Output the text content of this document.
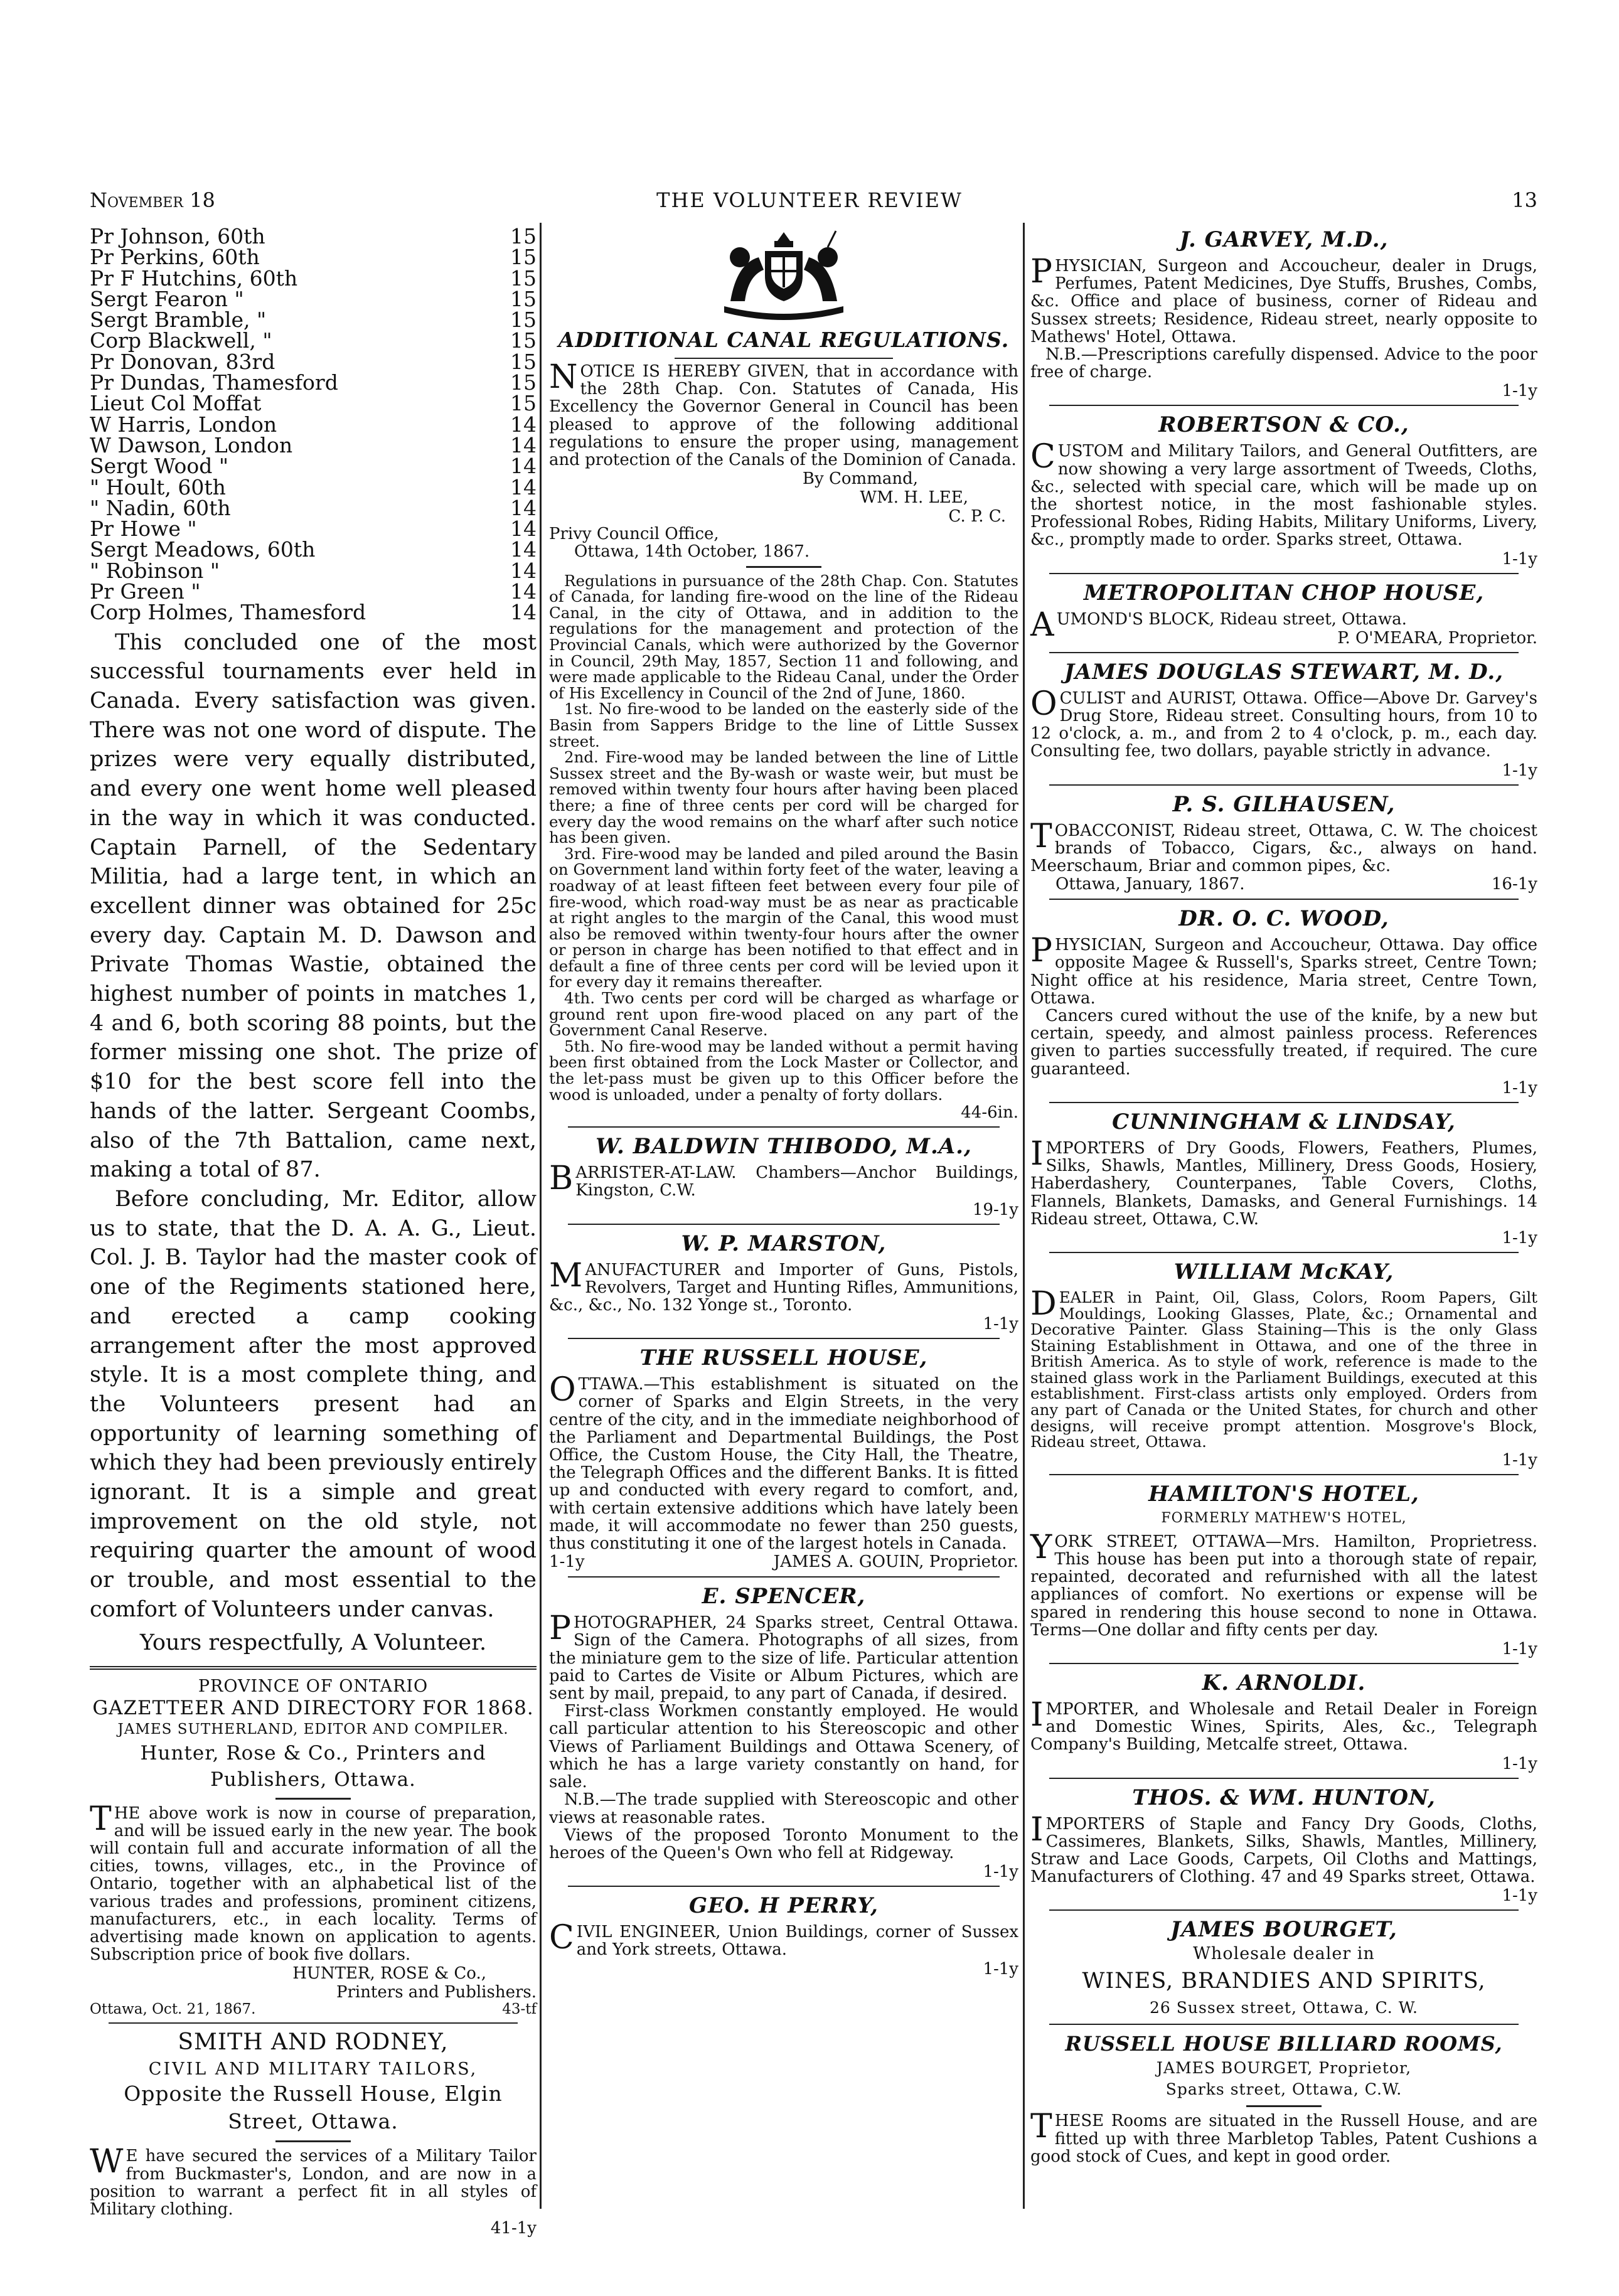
November 18	THE VOLUNTEER REVIEW	13
Pr Johnson, 60th	15
Pr Perkins, 60th	15
Pr F Hutchins, 60th	15
Sergt Fearon "	15
Sergt Bramble, "	15
Corp Blackwell, "	15
Pr Donovan, 83rd	15
Pr Dundas, Thamesford	15
Lieut Col Moffat	15
W Harris, London	14
W Dawson, London	14
Sergt Wood "	14
" Hoult, 60th	14
" Nadin, 60th	14
Pr Howe "	14
Sergt Meadows, 60th	14
" Robinson "	14
Pr Green "	14
Corp Holmes, Thamesford	14

This concluded one of the most successful tournaments ever held in Canada. Every satisfaction was given. There was not one word of dispute. The prizes were very equally distributed, and every one went home well pleased in the way in which it was conducted. Captain Parnell, of the Sedentary Militia, had a large tent, in which an excellent dinner was obtained for 25c every day. Captain M. D. Dawson and Private Thomas Wastie, obtained the highest number of points in matches 1, 4 and 6, both scoring 88 points, but the former missing one shot. The prize of $10 for the best score fell into the hands of the latter. Sergeant Coombs, also of the 7th Battalion, came next, making a total of 87.

Before concluding, Mr. Editor, allow us to state, that the D. A. A. G., Lieut. Col. J. B. Taylor had the master cook of one of the Regiments stationed here, and erected a camp cooking arrangement after the most approved style. It is a most complete thing, and the Volunteers present had an opportunity of learning something of which they had been previously entirely ignorant. It is a simple and great improvement on the old style, not requiring quarter the amount of wood or trouble, and most essential to the comfort of Volunteers under canvas.

Yours respectfully, A Volunteer.

PROVINCE OF ONTARIO

GAZETTEER AND DIRECTORY FOR 1868.

JAMES SUTHERLAND, EDITOR AND COMPILER.

Hunter, Rose & Co., Printers and Publishers, Ottawa.

THE above work is now in course of preparation, and will be issued early in the new year. The book will contain full and accurate information of all the cities, towns, villages, etc., in the Province of Ontario, together with an alphabetical list of the various trades and professions, prominent citizens, manufacturers, etc., in each locality. Terms of advertising made known on application to agents. Subscription price of book five dollars.

HUNTER, ROSE & Co.,

Printers and Publishers.

Ottawa, Oct. 21, 1867.	43-tf

SMITH AND RODNEY,

CIVIL AND MILITARY TAILORS,

Opposite the Russell House, Elgin Street, Ottawa.

WE have secured the services of a Military Tailor from Buckmaster's, London, and are now in a position to warrant a perfect fit in all styles of Military clothing.

41-1y

ADDITIONAL CANAL REGULATIONS.

NOTICE IS HEREBY GIVEN, that in accordance with the 28th Chap. Con. Statutes of Canada, His Excellency the Governor General in Council has been pleased to approve of the following additional regulations to ensure the proper using, management and protection of the Canals of the Dominion of Canada.

By Command,

WM. H. LEE,

C. P. C.

Privy Council Office,

Ottawa, 14th October, 1867.

Regulations in pursuance of the 28th Chap. Con. Statutes of Canada, for landing fire-wood on the line of the Rideau Canal, in the city of Ottawa, and in addition to the regulations for the management and protection of the Provincial Canals, which were authorized by the Governor in Council, 29th May, 1857, Section 11 and following, and were made applicable to the Rideau Canal, under the Order of His Excellency in Council of the 2nd of June, 1860.

1st. No fire-wood to be landed on the easterly side of the Basin from Sappers Bridge to the line of Little Sussex street.

2nd. Fire-wood may be landed between the line of Little Sussex street and the By-wash or waste weir, but must be removed within twenty four hours after having been placed there; a fine of three cents per cord will be charged for every day the wood remains on the wharf after such notice has been given.

3rd. Fire-wood may be landed and piled around the Basin on Government land within forty feet of the water, leaving a roadway of at least fifteen feet between every four pile of fire-wood, which road-way must be as near as practicable at right angles to the margin of the Canal, this wood must also be removed within twenty-four hours after the owner or person in charge has been notified to that effect and in default a fine of three cents per cord will be levied upon it for every day it remains thereafter.

4th. Two cents per cord will be charged as wharfage or ground rent upon fire-wood placed on any part of the Government Canal Reserve.

5th. No fire-wood may be landed without a permit having been first obtained from the Lock Master or Collector, and the let-pass must be given up to this Officer before the wood is unloaded, under a penalty of forty dollars.

44-6in.

W. BALDWIN THIBODO, M.A.,

BARRISTER-AT-LAW. Chambers—Anchor Buildings, Kingston, C.W.

19-1y

W. P. MARSTON,

MANUFACTURER and Importer of Guns, Pistols, Revolvers, Target and Hunting Rifles, Ammunitions, &c., &c., No. 132 Yonge st., Toronto.

1-1y

THE RUSSELL HOUSE,

OTTAWA.—This establishment is situated on the corner of Sparks and Elgin Streets, in the very centre of the city, and in the immediate neighborhood of the Parliament and Departmental Buildings, the Post Office, the Custom House, the City Hall, the Theatre, the Telegraph Offices and the different Banks. It is fitted up and conducted with every regard to comfort, and, with certain extensive additions which have lately been made, it will accommodate no fewer than 250 guests, thus constituting it one of the largest hotels in Canada.

1-1y	JAMES A. GOUIN, Proprietor.

E. SPENCER,

PHOTOGRAPHER, 24 Sparks street, Central Ottawa. Sign of the Camera. Photographs of all sizes, from the miniature gem to the size of life. Particular attention paid to Cartes de Visite or Album Pictures, which are sent by mail, prepaid, to any part of Canada, if desired.

First-class Workmen constantly employed. He would call particular attention to his Stereoscopic and other Views of Parliament Buildings and Ottawa Scenery, of which he has a large variety constantly on hand, for sale.

N.B.—The trade supplied with Stereoscopic and other views at reasonable rates.

Views of the proposed Toronto Monument to the heroes of the Queen's Own who fell at Ridgeway.

1-1y

GEO. H PERRY,

CIVIL ENGINEER, Union Buildings, corner of Sussex and York streets, Ottawa.

1-1y

J. GARVEY, M.D.,

PHYSICIAN, Surgeon and Accoucheur, dealer in Drugs, Perfumes, Patent Medicines, Dye Stuffs, Brushes, Combs, &c. Office and place of business, corner of Rideau and Sussex streets; Residence, Rideau street, nearly opposite to Mathews' Hotel, Ottawa.

N.B.—Prescriptions carefully dispensed. Advice to the poor free of charge.

1-1y

ROBERTSON & CO.,

CUSTOM and Military Tailors, and General Outfitters, are now showing a very large assortment of Tweeds, Cloths, &c., selected with special care, which will be made up on the shortest notice, in the most fashionable styles. Professional Robes, Riding Habits, Military Uniforms, Livery, &c., promptly made to order. Sparks street, Ottawa.

1-1y

METROPOLITAN CHOP HOUSE,

AUMOND'S BLOCK, Rideau street, Ottawa.

P. O'MEARA, Proprietor.

JAMES DOUGLAS STEWART, M. D.,

OCULIST and AURIST, Ottawa. Office—Above Dr. Garvey's Drug Store, Rideau street. Consulting hours, from 10 to 12 o'clock, a. m., and from 2 to 4 o'clock, p. m., each day. Consulting fee, two dollars, payable strictly in advance.

1-1y

P. S. GILHAUSEN,

TOBACCONIST, Rideau street, Ottawa, C. W. The choicest brands of Tobacco, Cigars, &c., always on hand. Meerschaum, Briar and common pipes, &c.

Ottawa, January, 1867.	16-1y

DR. O. C. WOOD,

PHYSICIAN, Surgeon and Accoucheur, Ottawa. Day office opposite Magee & Russell's, Sparks street, Centre Town; Night office at his residence, Maria street, Centre Town, Ottawa.

Cancers cured without the use of the knife, by a new but certain, speedy, and almost painless process. References given to parties successfully treated, if required. The cure guaranteed.

1-1y

CUNNINGHAM & LINDSAY,

IMPORTERS of Dry Goods, Flowers, Feathers, Plumes, Silks, Shawls, Mantles, Millinery, Dress Goods, Hosiery, Haberdashery, Counterpanes, Table Covers, Cloths, Flannels, Blankets, Damasks, and General Furnishings. 14 Rideau street, Ottawa, C.W.

1-1y

WILLIAM McKAY,

DEALER in Paint, Oil, Glass, Colors, Room Papers, Gilt Mouldings, Looking Glasses, Plate, &c.; Ornamental and Decorative Painter. Glass Staining—This is the only Glass Staining Establishment in Ottawa, and one of the three in British America. As to style of work, reference is made to the stained glass work in the Parliament Buildings, executed at this establishment. First-class artists only employed. Orders from any part of Canada or the United States, for church and other designs, will receive prompt attention. Mosgrove's Block, Rideau street, Ottawa.

1-1y

HAMILTON'S HOTEL,

FORMERLY MATHEW'S HOTEL,

YORK STREET, OTTAWA—Mrs. Hamilton, Proprietress. This house has been put into a thorough state of repair, repainted, decorated and refurnished with all the latest appliances of comfort. No exertions or expense will be spared in rendering this house second to none in Ottawa. Terms—One dollar and fifty cents per day.

1-1y

K. ARNOLDI.

IMPORTER, and Wholesale and Retail Dealer in Foreign and Domestic Wines, Spirits, Ales, &c., Telegraph Company's Building, Metcalfe street, Ottawa.

1-1y

THOS. & WM. HUNTON,

IMPORTERS of Staple and Fancy Dry Goods, Cloths, Cassimeres, Blankets, Silks, Shawls, Mantles, Millinery, Straw and Lace Goods, Carpets, Oil Cloths and Mattings, Manufacturers of Clothing. 47 and 49 Sparks street, Ottawa.

1-1y

JAMES BOURGET,

Wholesale dealer in

WINES, BRANDIES AND SPIRITS,

26 Sussex street, Ottawa, C. W.

RUSSELL HOUSE BILLIARD ROOMS,

JAMES BOURGET, Proprietor,

Sparks street, Ottawa, C.W.

THESE Rooms are situated in the Russell House, and are fitted up with three Marbletop Tables, Patent Cushions a good stock of Cues, and kept in good order.
